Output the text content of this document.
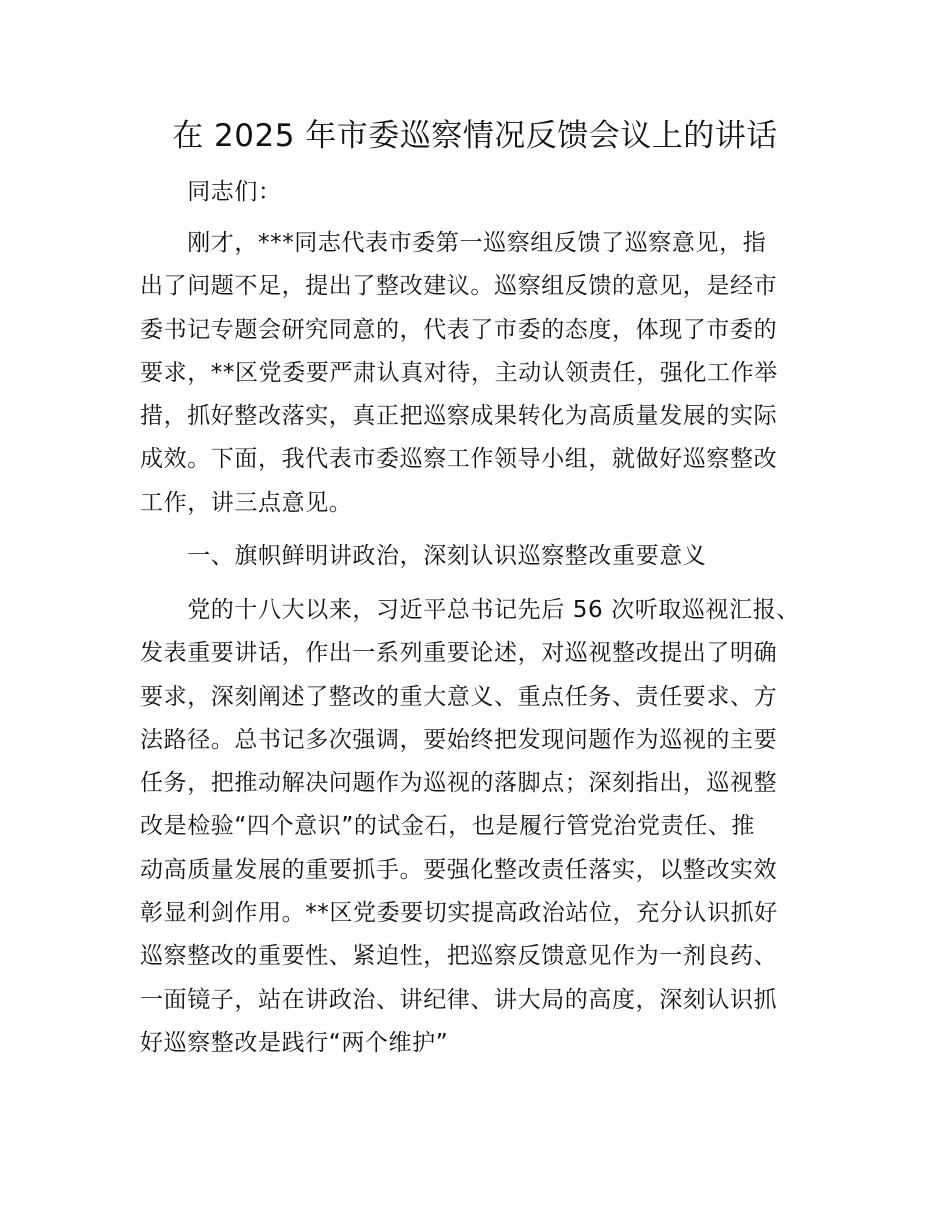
在 2025 年市委巡察情况反馈会议上的讲话
　　同志们：
　　刚才，***同志代表市委第一巡察组反馈了巡察意见，指
出了问题不足，提出了整改建议。巡察组反馈的意见，是经市
委书记专题会研究同意的，代表了市委的态度，体现了市委的
要求，**区党委要严肃认真对待，主动认领责任，强化工作举
措，抓好整改落实，真正把巡察成果转化为高质量发展的实际
成效。下面，我代表市委巡察工作领导小组，就做好巡察整改
工作，讲三点意见。
　　一、旗帜鲜明讲政治，深刻认识巡察整改重要意义
　　党的十八大以来，习近平总书记先后 56 次听取巡视汇报、
发表重要讲话，作出一系列重要论述，对巡视整改提出了明确
要求，深刻阐述了整改的重大意义、重点任务、责任要求、方
法路径。总书记多次强调，要始终把发现问题作为巡视的主要
任务，把推动解决问题作为巡视的落脚点；深刻指出，巡视整
改是检验“四个意识”的试金石，也是履行管党治党责任、推
动高质量发展的重要抓手。要强化整改责任落实，以整改实效
彰显利剑作用。**区党委要切实提高政治站位，充分认识抓好
巡察整改的重要性、紧迫性，把巡察反馈意见作为一剂良药、
一面镜子，站在讲政治、讲纪律、讲大局的高度，深刻认识抓
好巡察整改是践行“两个维护”
